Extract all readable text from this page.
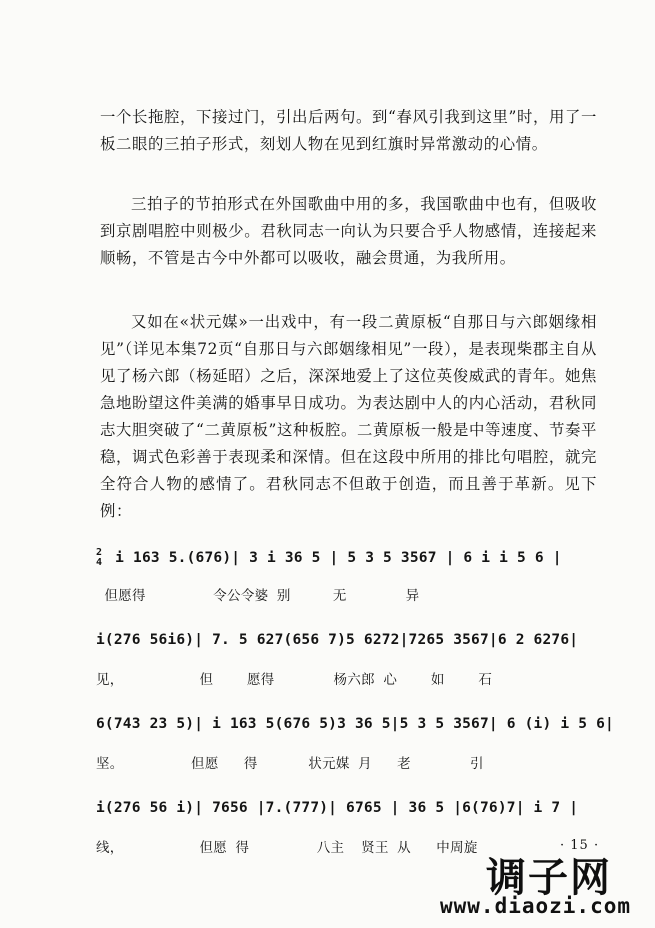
一个长拖腔，下接过门，引出后两句。到“春风引我到这里”时，用了一板二眼的三拍子形式，刻划人物在见到红旗时异常激动的心情。
三拍子的节拍形式在外国歌曲中用的多，我国歌曲中也有，但吸收到京剧唱腔中则极少。君秋同志一向认为只要合乎人物感情，连接起来顺畅，不管是古今中外都可以吸收，融会贯通，为我所用。
又如在«状元媒»一出戏中，有一段二黄原板“自那日与六郎姻缘相见”（详见本集72页“自那日与六郎姻缘相见”一段），是表现柴郡主自从见了杨六郎（杨延昭）之后，深深地爱上了这位英俊威武的青年。她焦急地盼望这件美满的婚事早日成功。为表达剧中人的内心活动，君秋同志大胆突破了“二黄原板”这种板腔。二黄原板一般是中等速度、节奏平稳，调式色彩善于表现柔和深情。但在这段中所用的排比句唱腔，就完全符合人物的感情了。君秋同志不但敢于创造，而且善于革新。见下例：
2
4 i 163 5.(676)| 3 i 36 5 | 5 3 5 3567 | 6 i i 5 6 |
但愿得        令公令婆 别     无       异
i(276 56i6)| 7. 5 627(656 7)5 6272|7265 3567|6 2 6276|
见，         但    愿得       杨六郎 心    如    石
6(743 23 5)| i 163 5(676 5)3 36 5|5 3 5 3567| 6 (i) i 5 6|
坚。        但愿   得      状元媒 月   老       引
i(276 56 i)| 7656 |7.(777)| 6765 | 36 5 |6(76)7| i 7 |
线，         但愿 得        八主  贤王 从   中周旋	· 15 ·
调子网
www.diaozi.com
